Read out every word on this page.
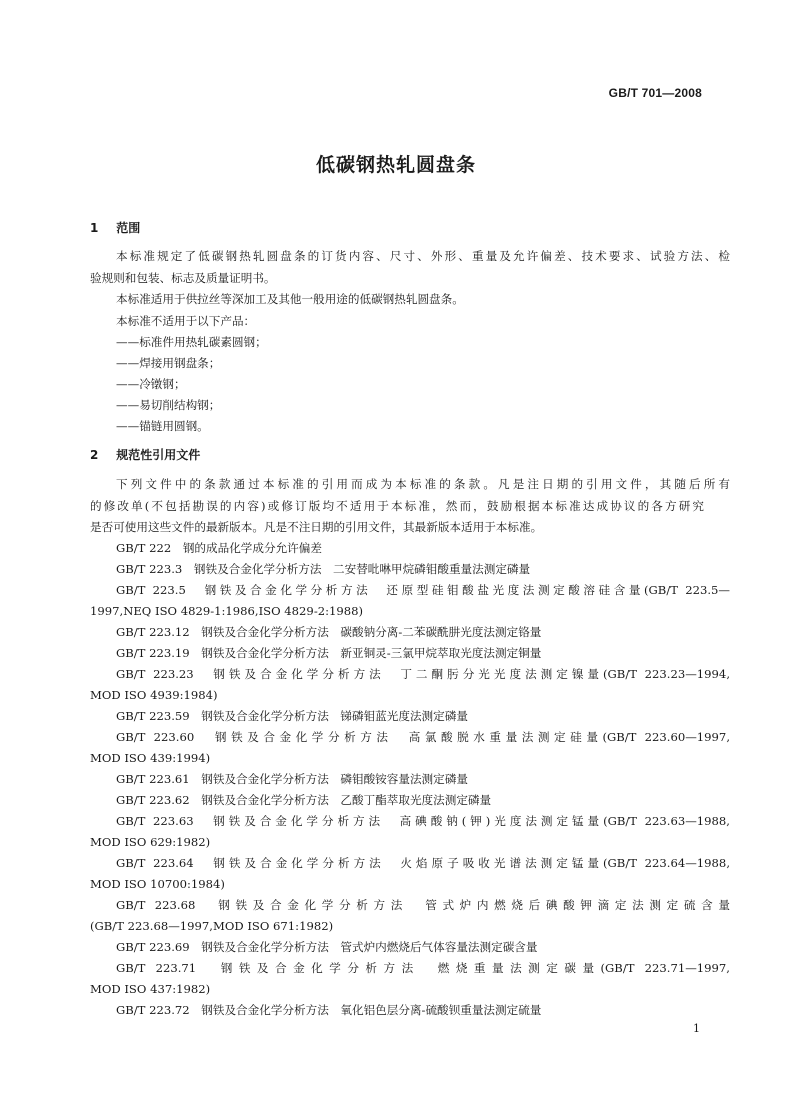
GB/T 701—2008
低碳钢热轧圆盘条
1 范围
本标准规定了低碳钢热轧圆盘条的订货内容、尺寸、外形、重量及允许偏差、技术要求、试验方法、检
验规则和包装、标志及质量证明书。
本标准适用于供拉丝等深加工及其他一般用途的低碳钢热轧圆盘条。
本标准不适用于以下产品：
——标准件用热轧碳素圆钢；
——焊接用钢盘条；
——冷镦钢；
——易切削结构钢；
——锚链用圆钢。
2 规范性引用文件
下列文件中的条款通过本标准的引用而成为本标准的条款。凡是注日期的引用文件，其随后所有
的修改单(不包括勘误的内容)或修订版均不适用于本标准，然而，鼓励根据本标准达成协议的各方研究
是否可使用这些文件的最新版本。凡是不注日期的引用文件，其最新版本适用于本标准。
GB/T 222　钢的成品化学成分允许偏差
GB/T 223.3　钢铁及合金化学分析方法　二安替吡啉甲烷磷钼酸重量法测定磷量
GB/T 223.5　钢铁及合金化学分析方法　还原型硅钼酸盐光度法测定酸溶硅含量(GB/T 223.5—
1997,NEQ ISO 4829-1:1986,ISO 4829-2:1988)
GB/T 223.12　钢铁及合金化学分析方法　碳酸钠分离-二苯碳酰肼光度法测定铬量
GB/T 223.19　钢铁及合金化学分析方法　新亚铜灵-三氯甲烷萃取光度法测定铜量
GB/T 223.23　钢铁及合金化学分析方法　丁二酮肟分光光度法测定镍量(GB/T 223.23—1994,
MOD ISO 4939:1984)
GB/T 223.59　钢铁及合金化学分析方法　锑磷钼蓝光度法测定磷量
GB/T 223.60　钢铁及合金化学分析方法　高氯酸脱水重量法测定硅量(GB/T 223.60—1997,
MOD ISO 439:1994)
GB/T 223.61　钢铁及合金化学分析方法　磷钼酸铵容量法测定磷量
GB/T 223.62　钢铁及合金化学分析方法　乙酸丁酯萃取光度法测定磷量
GB/T 223.63　钢铁及合金化学分析方法　高碘酸钠(钾)光度法测定锰量(GB/T 223.63—1988,
MOD ISO 629:1982)
GB/T 223.64　钢铁及合金化学分析方法　火焰原子吸收光谱法测定锰量(GB/T 223.64—1988,
MOD ISO 10700:1984)
GB/T 223.68　钢铁及合金化学分析方法　管式炉内燃烧后碘酸钾滴定法测定硫含量
(GB/T 223.68—1997,MOD ISO 671:1982)
GB/T 223.69　钢铁及合金化学分析方法　管式炉内燃烧后气体容量法测定碳含量
GB/T 223.71　钢铁及合金化学分析方法　燃烧重量法测定碳量(GB/T 223.71—1997,
MOD ISO 437:1982)
GB/T 223.72　钢铁及合金化学分析方法　氧化铝色层分离-硫酸钡重量法测定硫量
1
